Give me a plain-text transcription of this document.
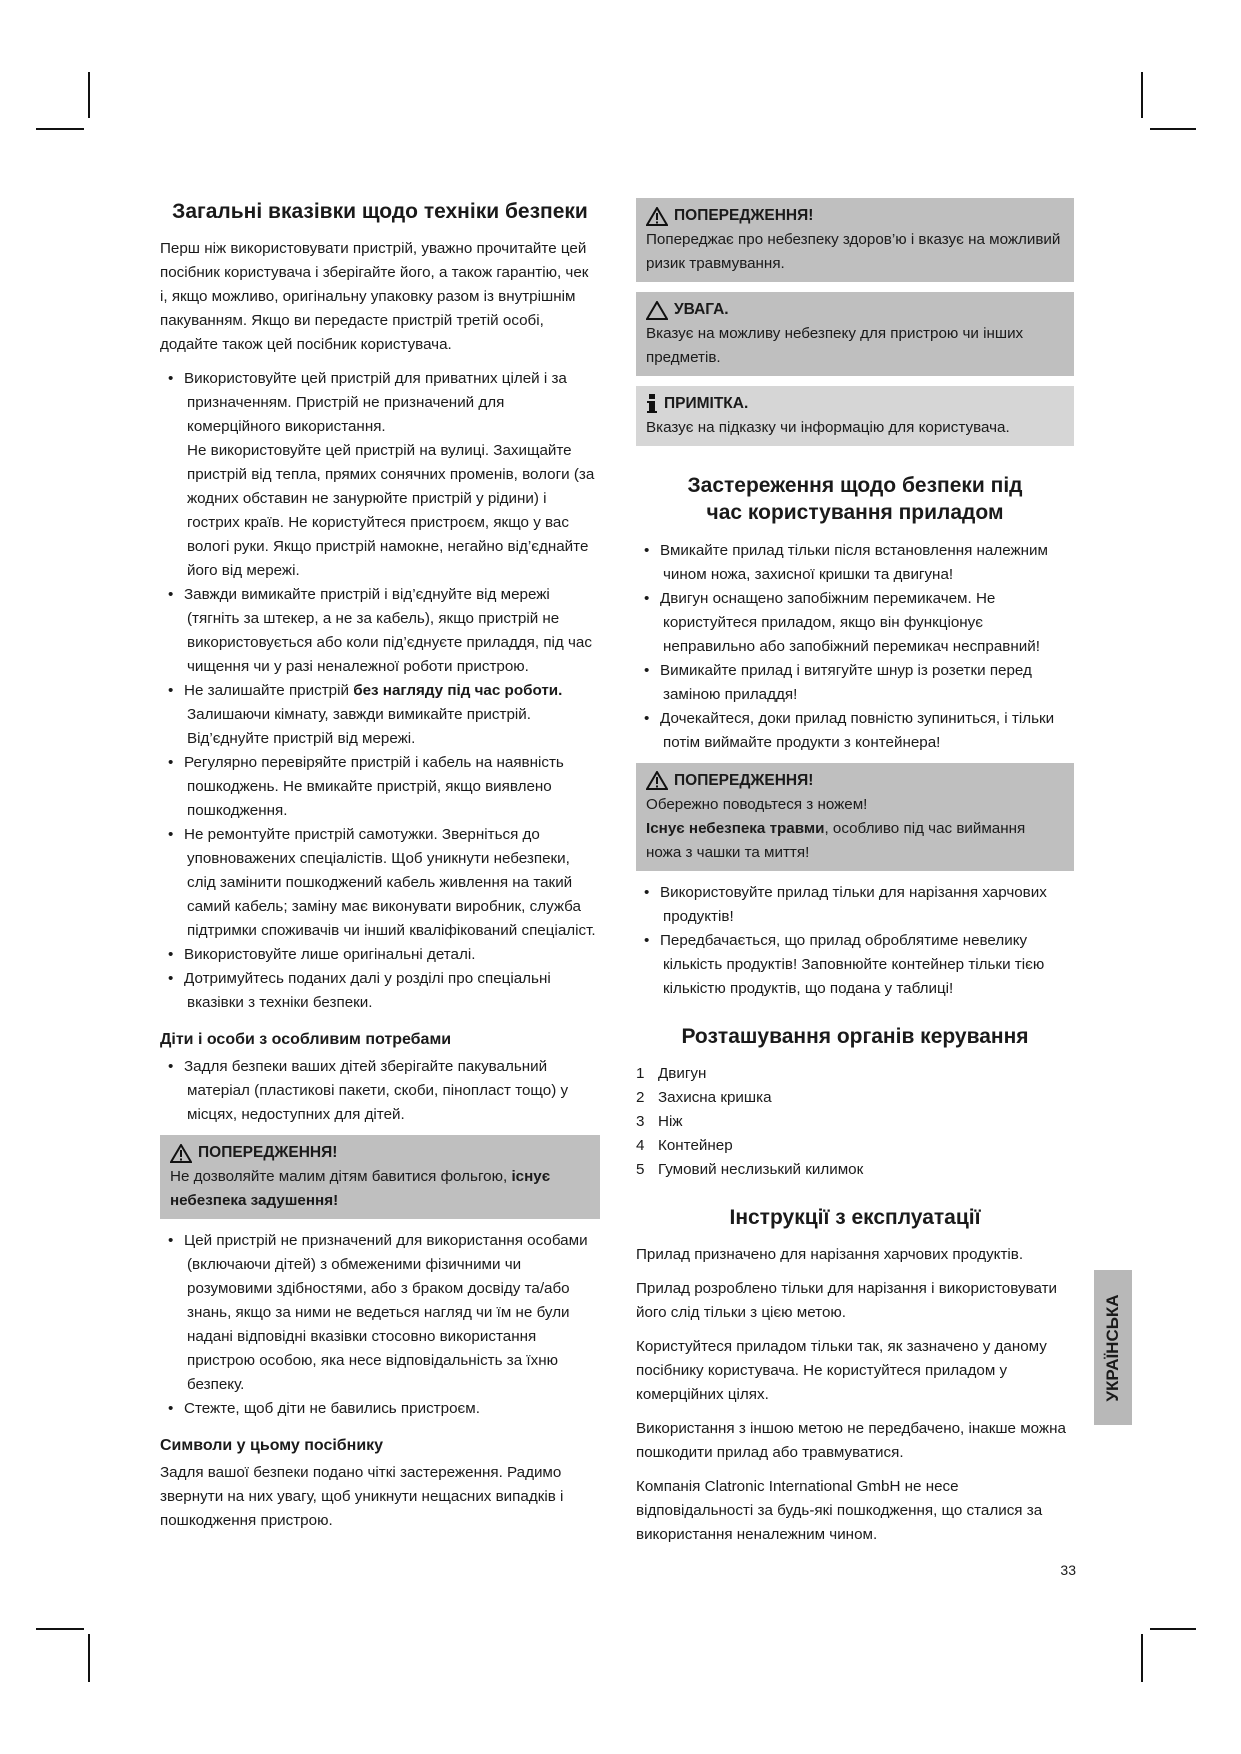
Загальні вказівки щодо техніки безпеки

Перш ніж використовувати пристрій, уважно прочитайте цей посібник користувача і зберігайте його, а також гарантію, чек і, якщо можливо, оригінальну упаковку разом із внутрішнім пакуванням. Якщо ви передасте пристрій третій особі, додайте також цей посібник користувача.

• Використовуйте цей пристрій для приватних цілей і за призначенням. Пристрій не призначений для комерційного використання.
Не використовуйте цей пристрій на вулиці. Захищайте пристрій від тепла, прямих сонячних променів, вологи (за жодних обставин не занурюйте пристрій у рідини) і гострих країв. Не користуйтеся пристроєм, якщо у вас вологі руки. Якщо пристрій намокне, негайно від’єднайте його від мережі.
• Завжди вимикайте пристрій і від’єднуйте від мережі (тягніть за штекер, а не за кабель), якщо пристрій не використовується або коли під’єднуєте приладдя, під час чищення чи у разі неналежної роботи пристрою.
• Не залишайте пристрій без нагляду під час роботи. Залишаючи кімнату, завжди вимикайте пристрій. Від’єднуйте пристрій від мережі.
• Регулярно перевіряйте пристрій і кабель на наявність пошкоджень. Не вмикайте пристрій, якщо виявлено пошкодження.
• Не ремонтуйте пристрій самотужки. Зверніться до уповноважених спеціалістів. Щоб уникнути небезпеки, слід замінити пошкоджений кабель живлення на такий самий кабель; заміну має виконувати виробник, служба підтримки споживачів чи інший кваліфікований спеціаліст.
• Використовуйте лише оригінальні деталі.
• Дотримуйтесь поданих далі у розділі про спеціальні вказівки з техніки безпеки.
Діти і особи з особливим потребами
• Задля безпеки ваших дітей зберігайте пакувальний матеріал (пластикові пакети, скоби, пінопласт тощо) у місцях, недоступних для дітей.
ПОПЕРЕДЖЕННЯ!

Не дозволяйте малим дітям бавитися фольгою, існує небезпека задушення!

• Цей пристрій не призначений для використання особами (включаючи дітей) з обмеженими фізичними чи розумовими здібностями, або з браком досвіду та/або знань, якщо за ними не ведеться нагляд чи їм не були надані відповідні вказівки стосовно використання пристрою особою, яка несе відповідальність за їхню безпеку.
• Стежте, щоб діти не бавились пристроєм.
Символи у цьому посібнику

Задля вашої безпеки подано чіткі застереження. Радимо звернути на них увагу, щоб уникнути нещасних випадків і пошкодження пристрою.

ПОПЕРЕДЖЕННЯ!

Попереджає про небезпеку здоров’ю і вказує на можливий ризик травмування.

УВАГА.

Вказує на можливу небезпеку для пристрою чи інших предметів.

ПРИМІТКА.

Вказує на підказку чи інформацію для користувача.

Застереження щодо безпеки під час користування приладом
• Вмикайте прилад тільки після встановлення належним чином ножа, захисної кришки та двигуна!
• Двигун оснащено запобіжним перемикачем. Не користуйтеся приладом, якщо він функціонує неправильно або запобіжний перемикач несправний!
• Вимикайте прилад і витягуйте шнур із розетки перед заміною приладдя!
• Дочекайтеся, доки прилад повністю зупиниться, і тільки потім виймайте продукти з контейнера!
ПОПЕРЕДЖЕННЯ!

Обережно поводьтеся з ножем!

Існує небезпека травми, особливо під час виймання ножа з чашки та миття!

• Використовуйте прилад тільки для нарізання харчових продуктів!
• Передбачається, що прилад оброблятиме невелику кількість продуктів! Заповнюйте контейнер тільки тією кількістю продуктів, що подана у таблиці!
Розташування органів керування
1 Двигун
2 Захисна кришка
3 Ніж
4 Контейнер
5 Гумовий неслизький килимок
Інструкції з експлуатації

Прилад призначено для нарізання харчових продуктів.

Прилад розроблено тільки для нарізання і використовувати його слід тільки з цією метою.

Користуйтеся приладом тільки так, як зазначено у даному посібнику користувача. Не користуйтеся приладом у комерційних цілях.

Використання з іншою метою не передбачено, інакше можна пошкодити прилад або травмуватися.

Компанія Clatronic International GmbH не несе відповідальності за будь-які пошкодження, що сталися за використання неналежним чином.

УКРАЇНСЬКА
33
